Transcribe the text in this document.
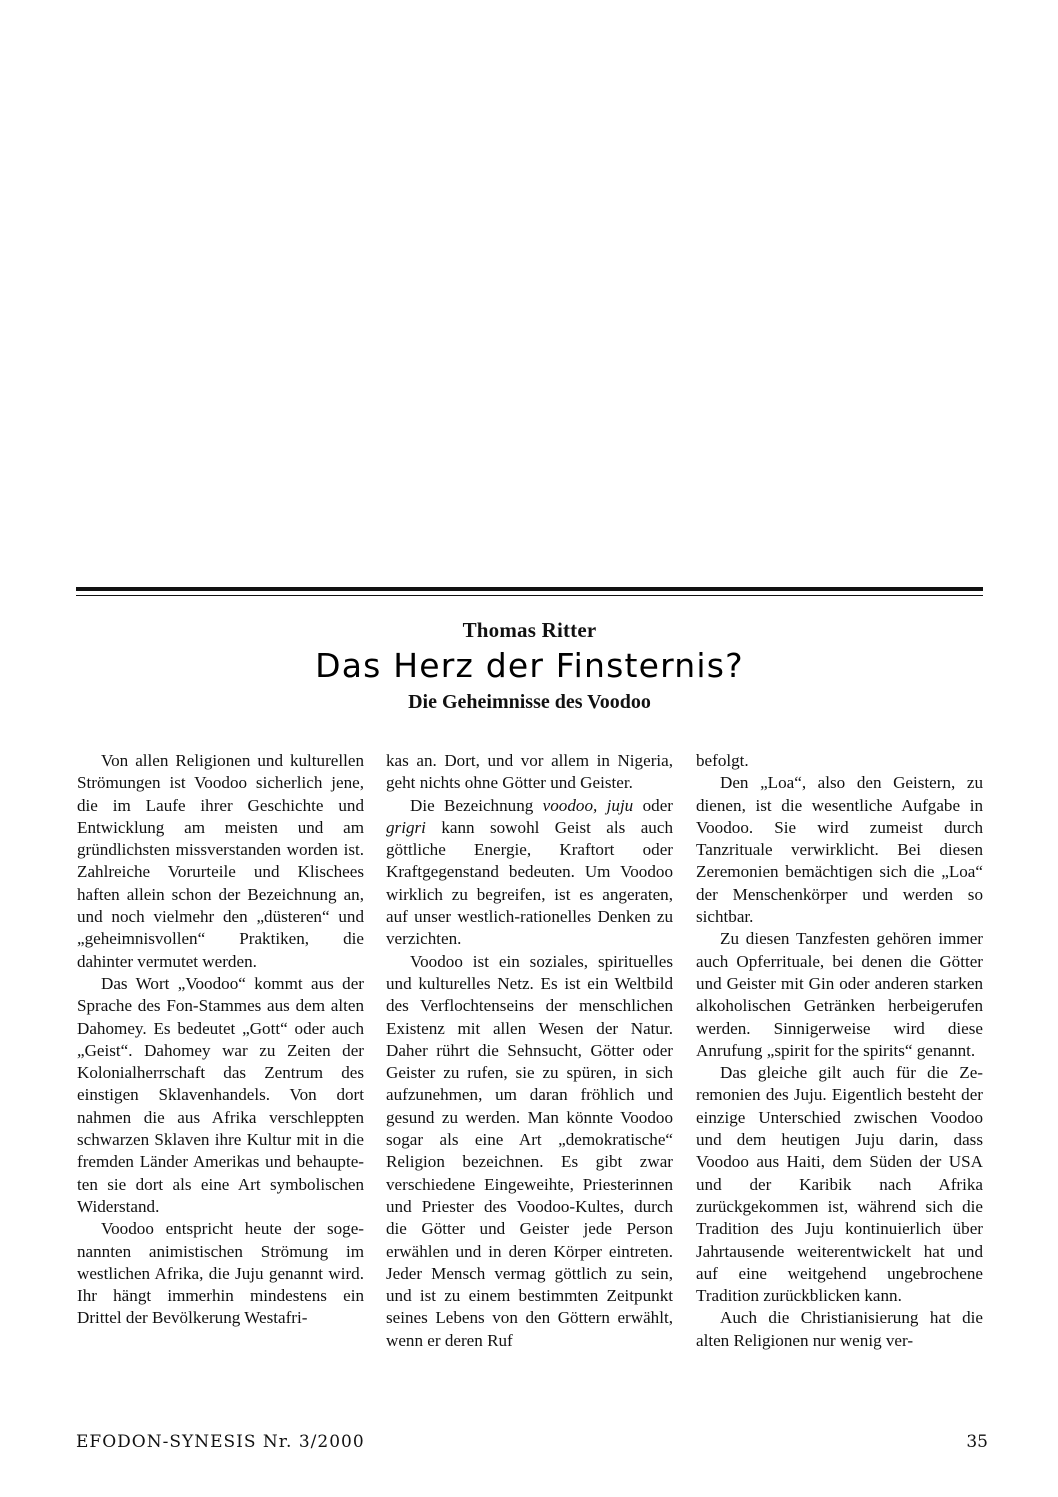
Thomas Ritter
Das Herz der Finsternis?
Die Geheimnisse des Voodoo

Von allen Religionen und kulturellen Strömungen ist Voodoo sicherlich jene, die im Laufe ihrer Geschichte und Entwicklung am meisten und am gründlichsten missverstanden worden ist. Zahlreiche Vorurteile und Klischees haften allein schon der Bezeichnung an, und noch vielmehr den „düsteren“ und „geheimnisvollen“ Praktiken, die dahinter vermutet werden.

Das Wort „Voodoo“ kommt aus der Sprache des Fon-Stammes aus dem alten Dahomey. Es bedeutet „Gott“ oder auch „Geist“. Dahomey war zu Zeiten der Kolonialherrschaft das Zentrum des einstigen Sklavenhandels. Von dort nahmen die aus Afrika verschleppten schwarzen Sklaven ihre Kultur mit in die fremden Länder Amerikas und behaupteten sie dort als eine Art symbolischen Widerstand.

Voodoo entspricht heute der sogenannten animistischen Strömung im westlichen Afrika, die Juju genannt wird. Ihr hängt immerhin mindestens ein Drittel der Bevölkerung Westafri-

kas an. Dort, und vor allem in Nigeria, geht nichts ohne Götter und Geister.

Die Bezeichnung voodoo, juju oder grigri kann sowohl Geist als auch göttliche Energie, Kraftort oder Kraftgegenstand bedeuten. Um Voodoo wirklich zu begreifen, ist es angeraten, auf unser westlich-rationelles Denken zu verzichten.

Voodoo ist ein soziales, spirituelles und kulturelles Netz. Es ist ein Weltbild des Verflochtenseins der menschlichen Existenz mit allen Wesen der Natur. Daher rührt die Sehnsucht, Götter oder Geister zu rufen, sie zu spüren, in sich aufzunehmen, um daran fröhlich und gesund zu werden. Man könnte Voodoo sogar als eine Art „demokratische“ Religion bezeichnen. Es gibt zwar verschiedene Eingeweihte, Priesterinnen und Priester des Voodoo-Kultes, durch die Götter und Geister jede Person erwählen und in deren Körper eintreten. Jeder Mensch vermag göttlich zu sein, und ist zu einem bestimmten Zeitpunkt seines Lebens von den Göttern erwählt, wenn er deren Ruf

befolgt.

Den „Loa“, also den Geistern, zu dienen, ist die wesentliche Aufgabe in Voodoo. Sie wird zumeist durch Tanzrituale verwirklicht. Bei diesen Zeremonien bemächtigen sich die „Loa“ der Menschenkörper und werden so sichtbar.

Zu diesen Tanzfesten gehören immer auch Opferrituale, bei denen die Götter und Geister mit Gin oder anderen starken alkoholischen Getränken herbeigerufen werden. Sinnigerweise wird diese Anrufung „spirit for the spirits“ genannt.

Das gleiche gilt auch für die Zeremonien des Juju. Eigentlich besteht der einzige Unterschied zwischen Voodoo und dem heutigen Juju darin, dass Voodoo aus Haiti, dem Süden der USA und der Karibik nach Afrika zurückgekommen ist, während sich die Tradition des Juju kontinuierlich über Jahrtausende weiterentwickelt hat und auf eine weitgehend ungebrochene Tradition zurückblicken kann.

Auch die Christianisierung hat die alten Religionen nur wenig ver-

EFODON-SYNESIS Nr. 3/2000	35
